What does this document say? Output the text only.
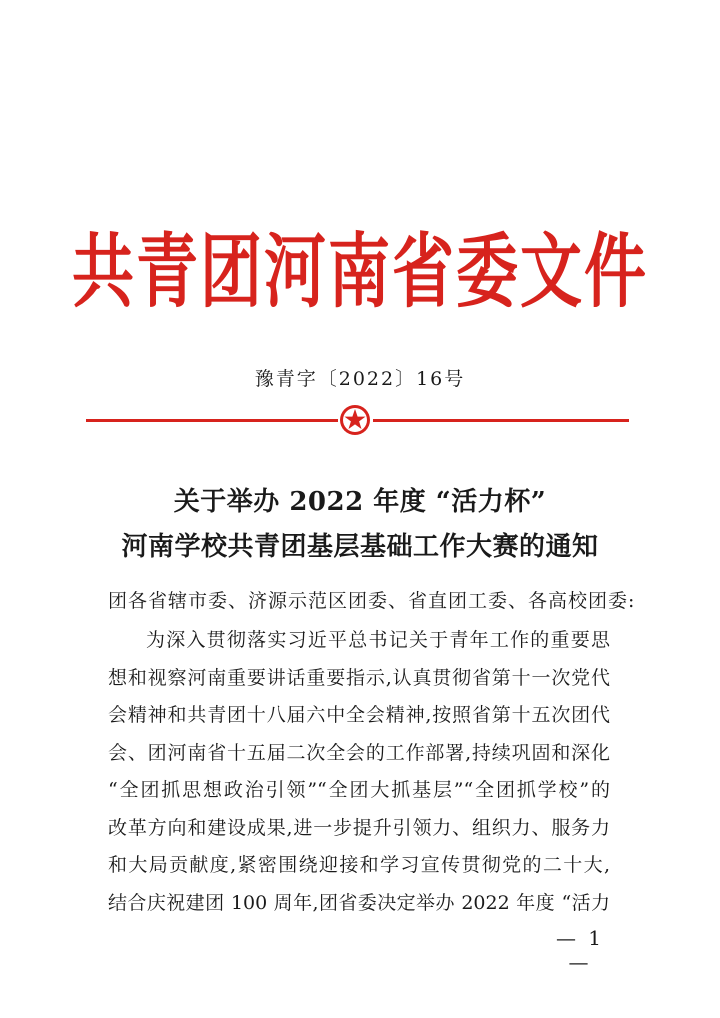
共青团河南省委文件
豫青字〔2022〕16号
关于举办 2022 年度 “活力杯”
河南学校共青团基层基础工作大赛的通知
团各省辖市委、济源示范区团委、省直团工委、各高校团委:
为深入贯彻落实习近平总书记关于青年工作的重要思
想和视察河南重要讲话重要指示,认真贯彻省第十一次党代
会精神和共青团十八届六中全会精神,按照省第十五次团代
会、团河南省十五届二次全会的工作部署,持续巩固和深化
“全团抓思想政治引领”“全团大抓基层”“全团抓学校”的
改革方向和建设成果,进一步提升引领力、组织力、服务力
和大局贡献度,紧密围绕迎接和学习宣传贯彻党的二十大,
结合庆祝建团 100 周年,团省委决定举办 2022 年度 “活力
— 1 —
